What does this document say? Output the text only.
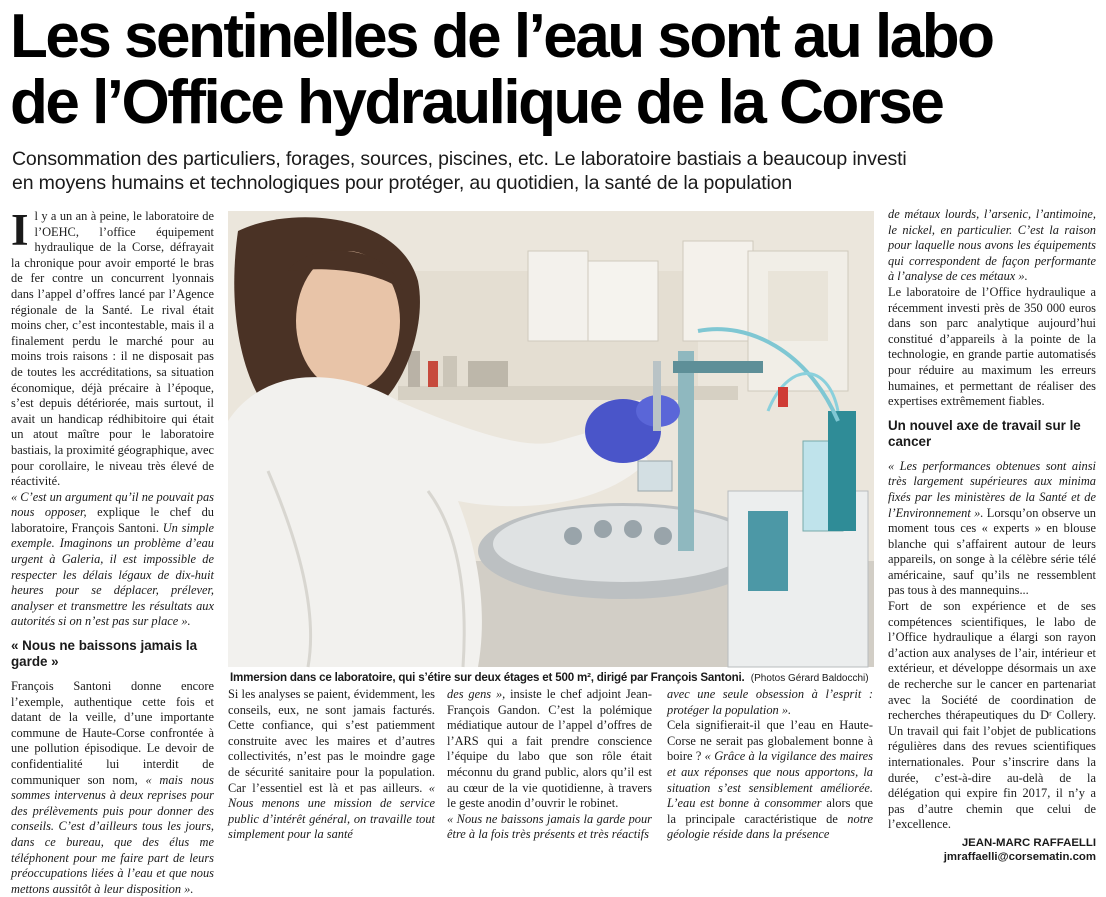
Les sentinelles de l’eau sont au labo
de l’Office hydraulique de la Corse

Consommation des particuliers, forages, sources, piscines, etc. Le laboratoire bastiais a beaucoup investi
en moyens humains et technologiques pour protéger, au quotidien, la santé de la population

Il y a un an à peine, le laboratoire de l’OEHC, l’office équipement hydraulique de la Corse, défrayait la chronique pour avoir emporté le bras de fer contre un concurrent lyonnais dans l’appel d’offres lancé par l’Agence régionale de la Santé. Le rival était moins cher, c’est incontestable, mais il a finalement perdu le marché pour au moins trois raisons : il ne disposait pas de toutes les accréditations, sa situation économique, déjà précaire à l’époque, s’est depuis détériorée, mais surtout, il avait un handicap rédhibitoire qui était un atout maître pour le laboratoire bastiais, la proximité géographique, avec pour corollaire, le niveau très élevé de réactivité.

« C’est un argument qu’il ne pouvait pas nous opposer, explique le chef du laboratoire, François Santoni. Un simple exemple. Imaginons un problème d’eau urgent à Galeria, il est impossible de respecter les délais légaux de dix-huit heures pour se déplacer, prélever, analyser et transmettre les résultats aux autorités si on n’est pas sur place ».

« Nous ne baissons jamais la garde »

François Santoni donne encore l’exemple, authentique cette fois et datant de la veille, d’une importante commune de Haute-Corse confrontée à une pollution épisodique. Le devoir de confidentialité lui interdit de communiquer son nom, « mais nous sommes intervenus à deux reprises pour des prélèvements puis pour donner des conseils. C’est d’ailleurs tous les jours, dans ce bureau, que des élus me téléphonent pour me faire part de leurs préoccupations liées à l’eau et que nous mettons aussitôt à leur disposition ».

Immersion dans ce laboratoire, qui s’étire sur deux étages et 500 m², dirigé par François Santoni. (Photos Gérard Baldocchi)

Si les analyses se paient, évidemment, les conseils, eux, ne sont jamais facturés. Cette confiance, qui s’est patiemment construite avec les maires et d’autres collectivités, n’est pas le moindre gage de sécurité sanitaire pour la population. Car l’essentiel est là et pas ailleurs. « Nous menons une mission de service public d’intérêt général, on travaille tout simplement pour la santé

des gens », insiste le chef adjoint Jean-François Gandon. C’est la polémique médiatique autour de l’appel d’offres de l’ARS qui a fait prendre conscience l’équipe du labo que son rôle était méconnu du grand public, alors qu’il est au cœur de la vie quotidienne, à travers le geste anodin d’ouvrir le robinet.

« Nous ne baissons jamais la garde pour être à la fois très présents et très réactifs

avec une seule obsession à l’esprit : protéger la population ».

Cela signifierait-il que l’eau en Haute-Corse ne serait pas globalement bonne à boire ? « Grâce à la vigilance des maires et aux réponses que nous apportons, la situation s’est sensiblement améliorée. L’eau est bonne à consommer alors que la principale caractéristique de notre géologie réside dans la présence

de métaux lourds, l’arsenic, l’antimoine, le nickel, en particulier. C’est la raison pour laquelle nous avons les équipements qui correspondent de façon performante à l’analyse de ces métaux ».

Le laboratoire de l’Office hydraulique a récemment investi près de 350 000 euros dans son parc analytique aujourd’hui constitué d’appareils à la pointe de la technologie, en grande partie automatisés pour réduire au maximum les erreurs humaines, et permettant de réaliser des expertises extrêmement fiables.

Un nouvel axe de travail sur le cancer

« Les performances obtenues sont ainsi très largement supérieures aux minima fixés par les ministères de la Santé et de l’Environnement ». Lorsqu’on observe un moment tous ces « experts » en blouse blanche qui s’affairent autour de leurs appareils, on songe à la célèbre série télé américaine, sauf qu’ils ne ressemblent pas tous à des mannequins...

Fort de son expérience et de ses compétences scientifiques, le labo de l’Office hydraulique a élargi son rayon d’action aux analyses de l’air, intérieur et extérieur, et développe désormais un axe de recherche sur le cancer en partenariat avec la Société de coordination de recherches thérapeutiques du Dʳ Collery. Un travail qui fait l’objet de publications régulières dans des revues scientifiques internationales. Pour s’inscrire dans la durée, c’est-à-dire au-delà de la délégation qui expire fin 2017, il n’y a pas d’autre chemin que celui de l’excellence.

JEAN-MARC RAFFAELLI
jmraffaelli@corsematin.com
